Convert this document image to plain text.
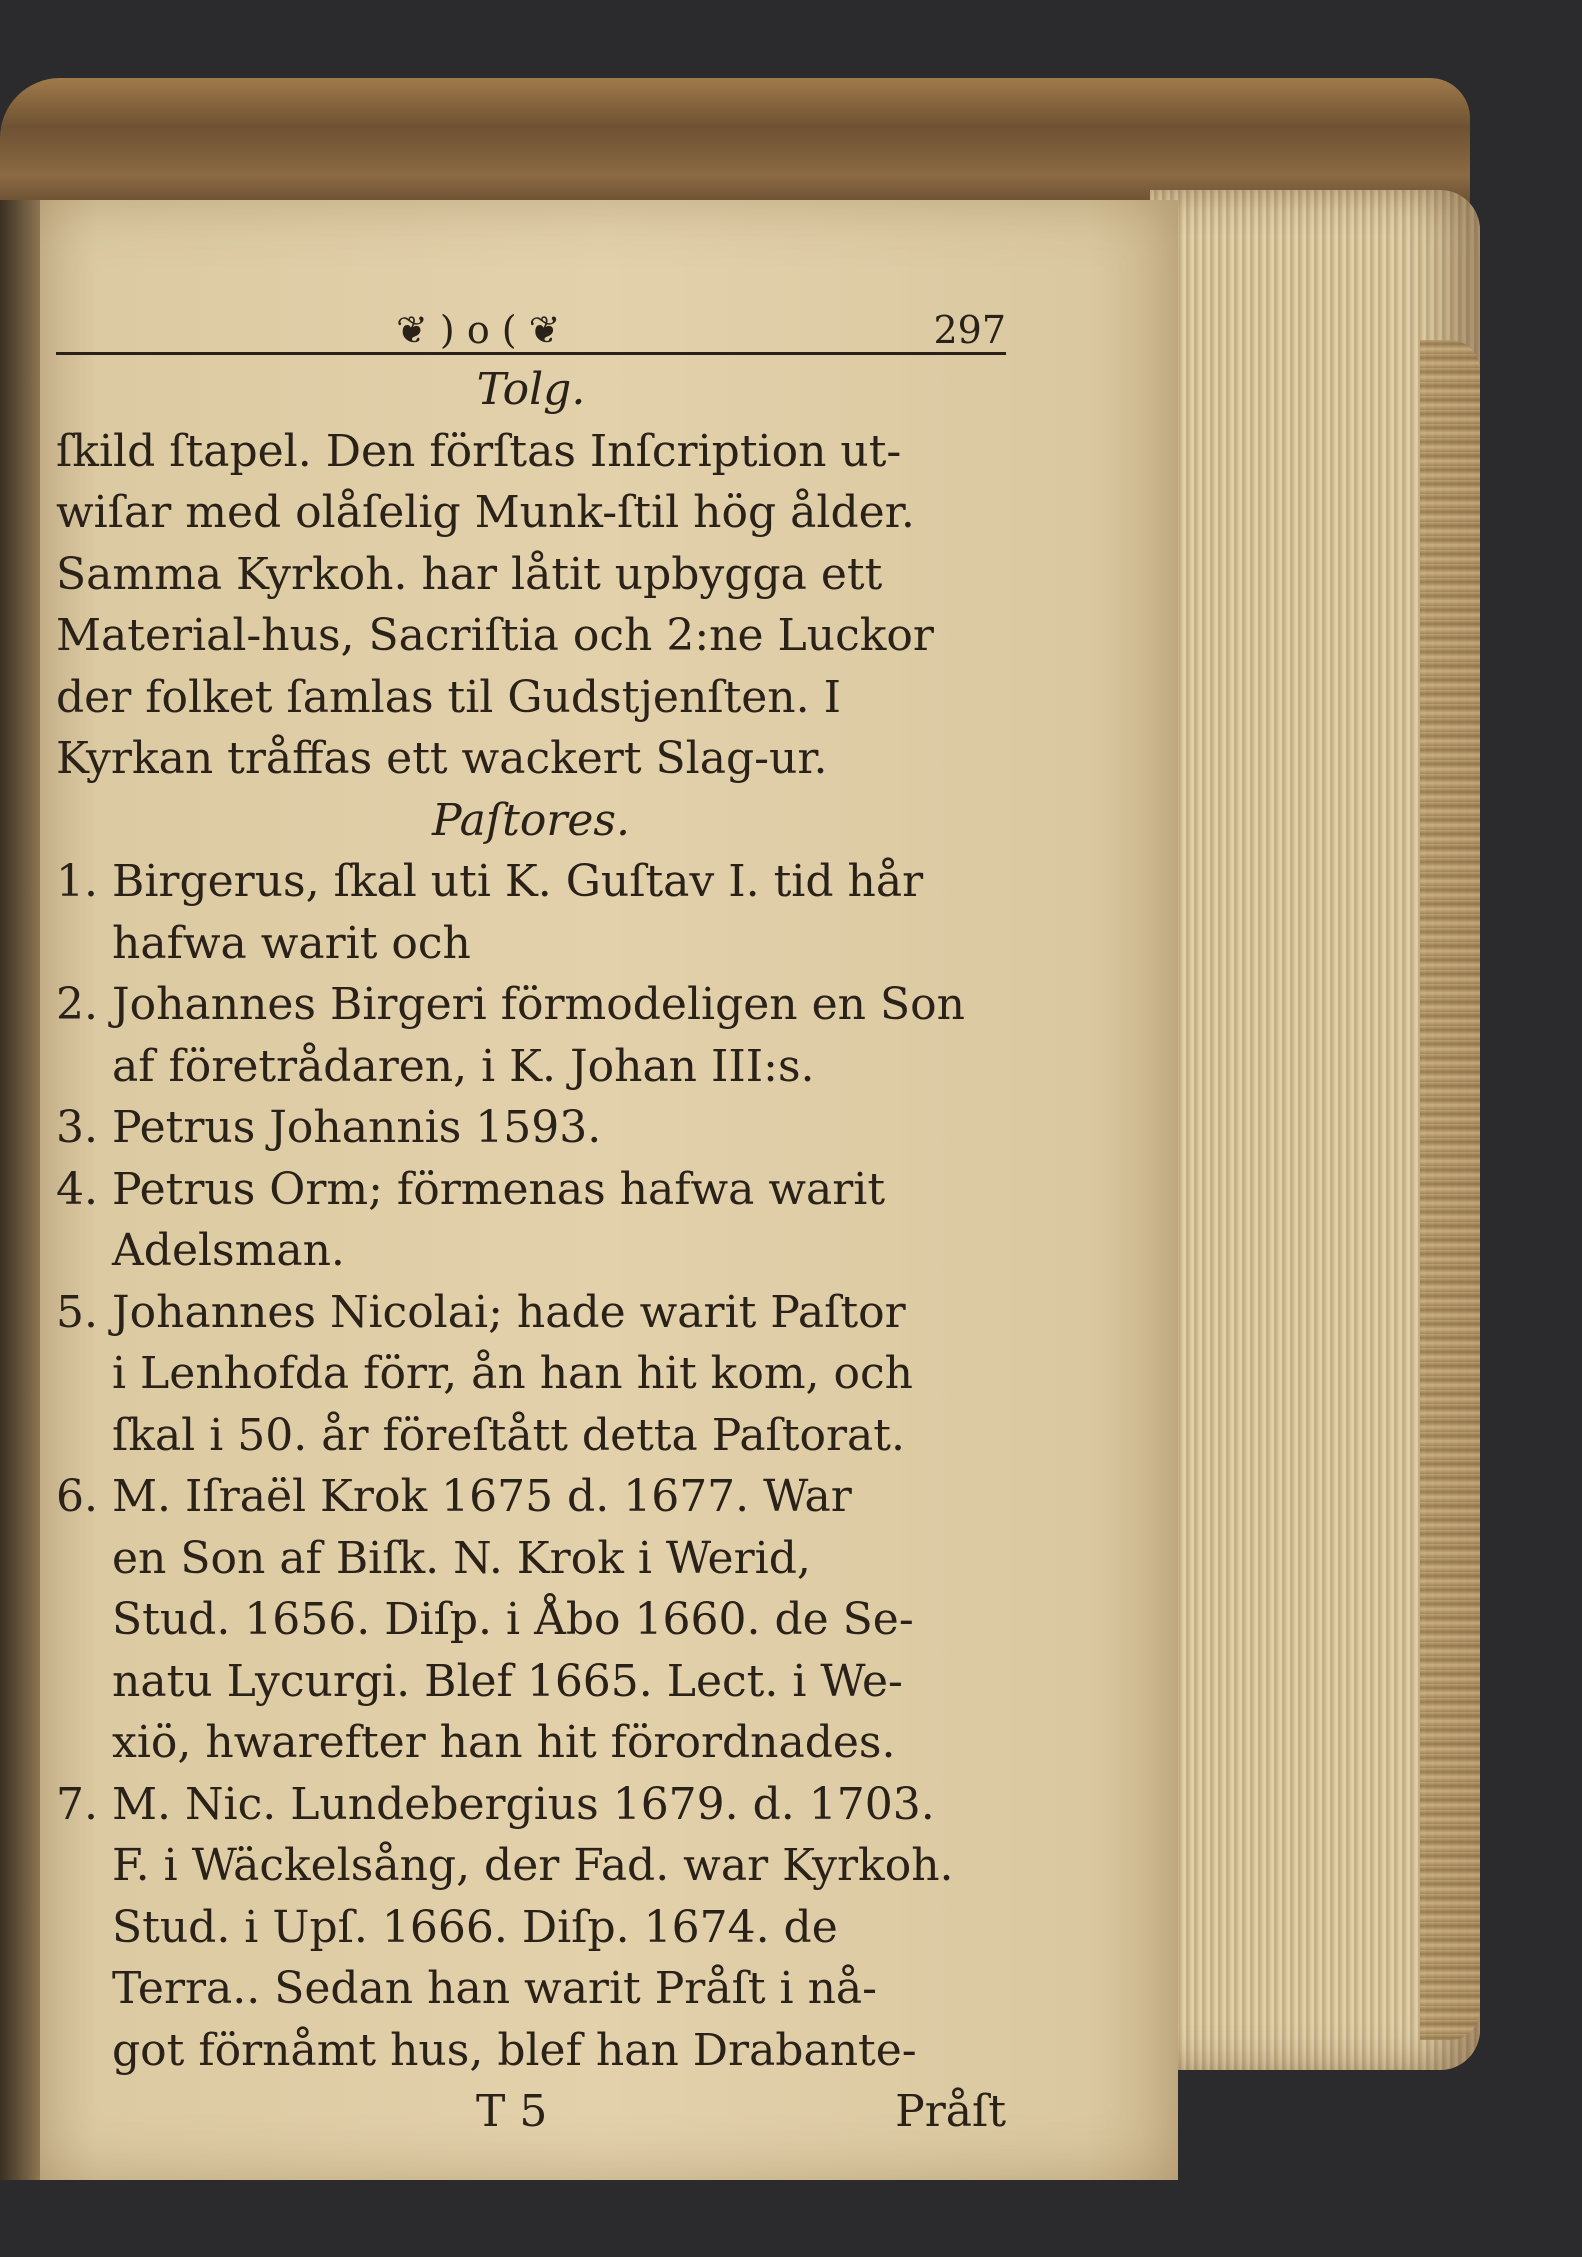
❦ ) o ( ❦	297
Tolg.
ſkild ſtapel. Den förſtas Inſcription ut-
wiſar med olåſelig Munk-ſtil hög ålder.
Samma Kyrkoh. har låtit upbygga ett
Material-hus, Sacriſtia och 2:ne Luckor
der folket ſamlas til Gudstjenſten. I
Kyrkan tråffas ett wackert Slag-ur.
Paſtores.
1. Birgerus, ſkal uti K. Guſtav I. tid hår
hafwa warit och
2. Johannes Birgeri förmodeligen en Son
af företrådaren, i K. Johan III:s.
3. Petrus Johannis 1593.
4. Petrus Orm; förmenas hafwa warit
Adelsman.
5. Johannes Nicolai; hade warit Paſtor
i Lenhofda förr, ån han hit kom, och
ſkal i 50. år föreſtått detta Paſtorat.
6. M. Iſraël Krok 1675 d. 1677. War
en Son af Biſk. N. Krok i Werid,
Stud. 1656. Diſp. i Åbo 1660. de Se-
natu Lycurgi. Blef 1665. Lect. i We-
xiö, hwarefter han hit förordnades.
7. M. Nic. Lundebergius 1679. d. 1703.
F. i Wäckelsång, der Fad. war Kyrkoh.
Stud. i Upſ. 1666. Diſp. 1674. de
Terra.. Sedan han warit Pråſt i nå-
got förnåmt hus, blef han Drabante-
T 5	Pråſt
